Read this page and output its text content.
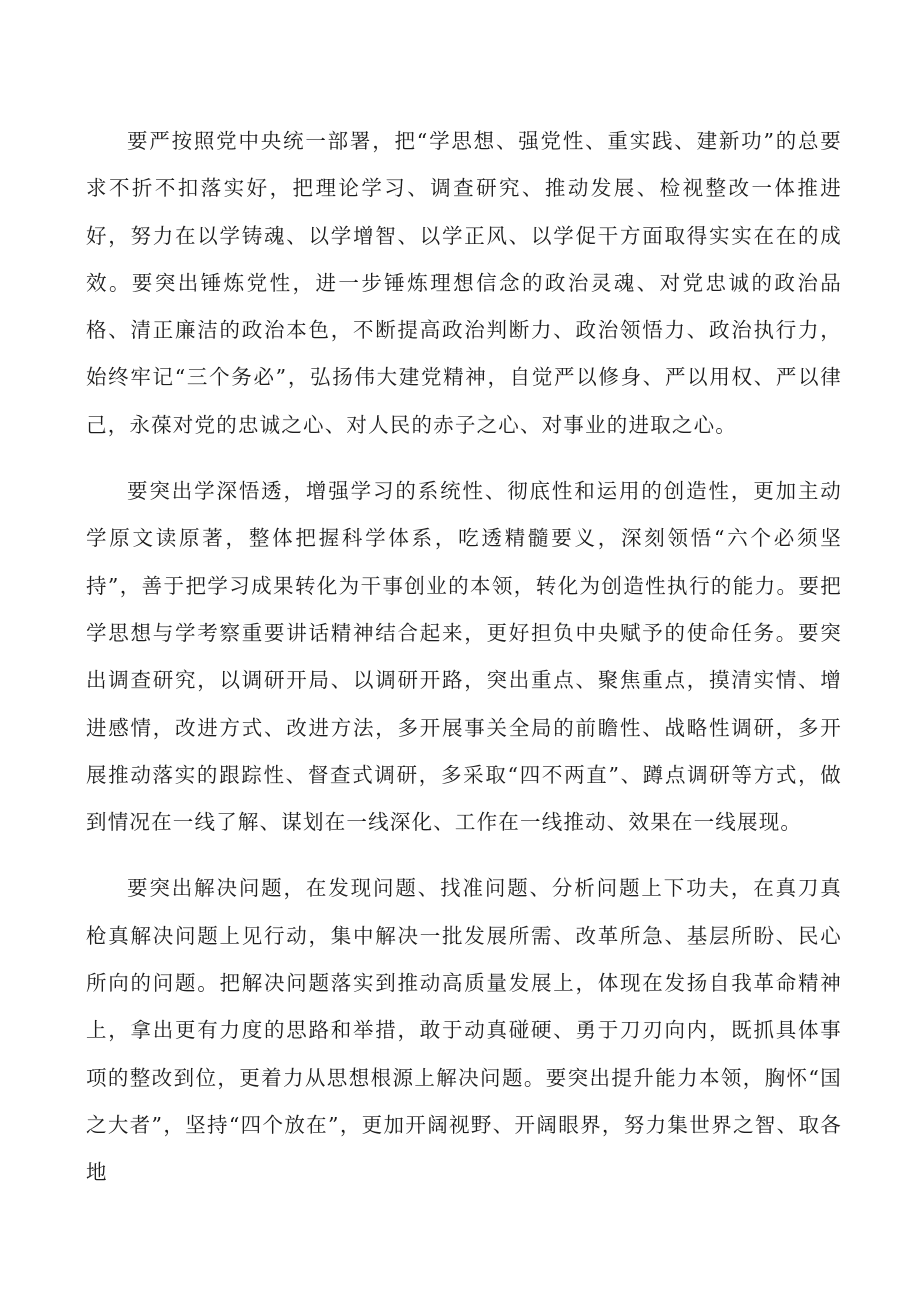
要严按照党中央统一部署，把“学思想、强党性、重实践、建新功”的总要求不折不扣落实好，把理论学习、调查研究、推动发展、检视整改一体推进好，努力在以学铸魂、以学增智、以学正风、以学促干方面取得实实在在的成效。要突出锤炼党性，进一步锤炼理想信念的政治灵魂、对党忠诚的政治品格、清正廉洁的政治本色，不断提高政治判断力、政治领悟力、政治执行力，始终牢记“三个务必”，弘扬伟大建党精神，自觉严以修身、严以用权、严以律己，永葆对党的忠诚之心、对人民的赤子之心、对事业的进取之心。

要突出学深悟透，增强学习的系统性、彻底性和运用的创造性，更加主动学原文读原著，整体把握科学体系，吃透精髓要义，深刻领悟“六个必须坚持”，善于把学习成果转化为干事创业的本领，转化为创造性执行的能力。要把学思想与学考察重要讲话精神结合起来，更好担负中央赋予的使命任务。要突出调查研究，以调研开局、以调研开路，突出重点、聚焦重点，摸清实情、增进感情，改进方式、改进方法，多开展事关全局的前瞻性、战略性调研，多开展推动落实的跟踪性、督查式调研，多采取“四不两直”、蹲点调研等方式，做到情况在一线了解、谋划在一线深化、工作在一线推动、效果在一线展现。

要突出解决问题，在发现问题、找准问题、分析问题上下功夫，在真刀真枪真解决问题上见行动，集中解决一批发展所需、改革所急、基层所盼、民心所向的问题。把解决问题落实到推动高质量发展上，体现在发扬自我革命精神上，拿出更有力度的思路和举措，敢于动真碰硬、勇于刀刃向内，既抓具体事项的整改到位，更着力从思想根源上解决问题。要突出提升能力本领，胸怀“国之大者”，坚持“四个放在”，更加开阔视野、开阔眼界，努力集世界之智、取各地
